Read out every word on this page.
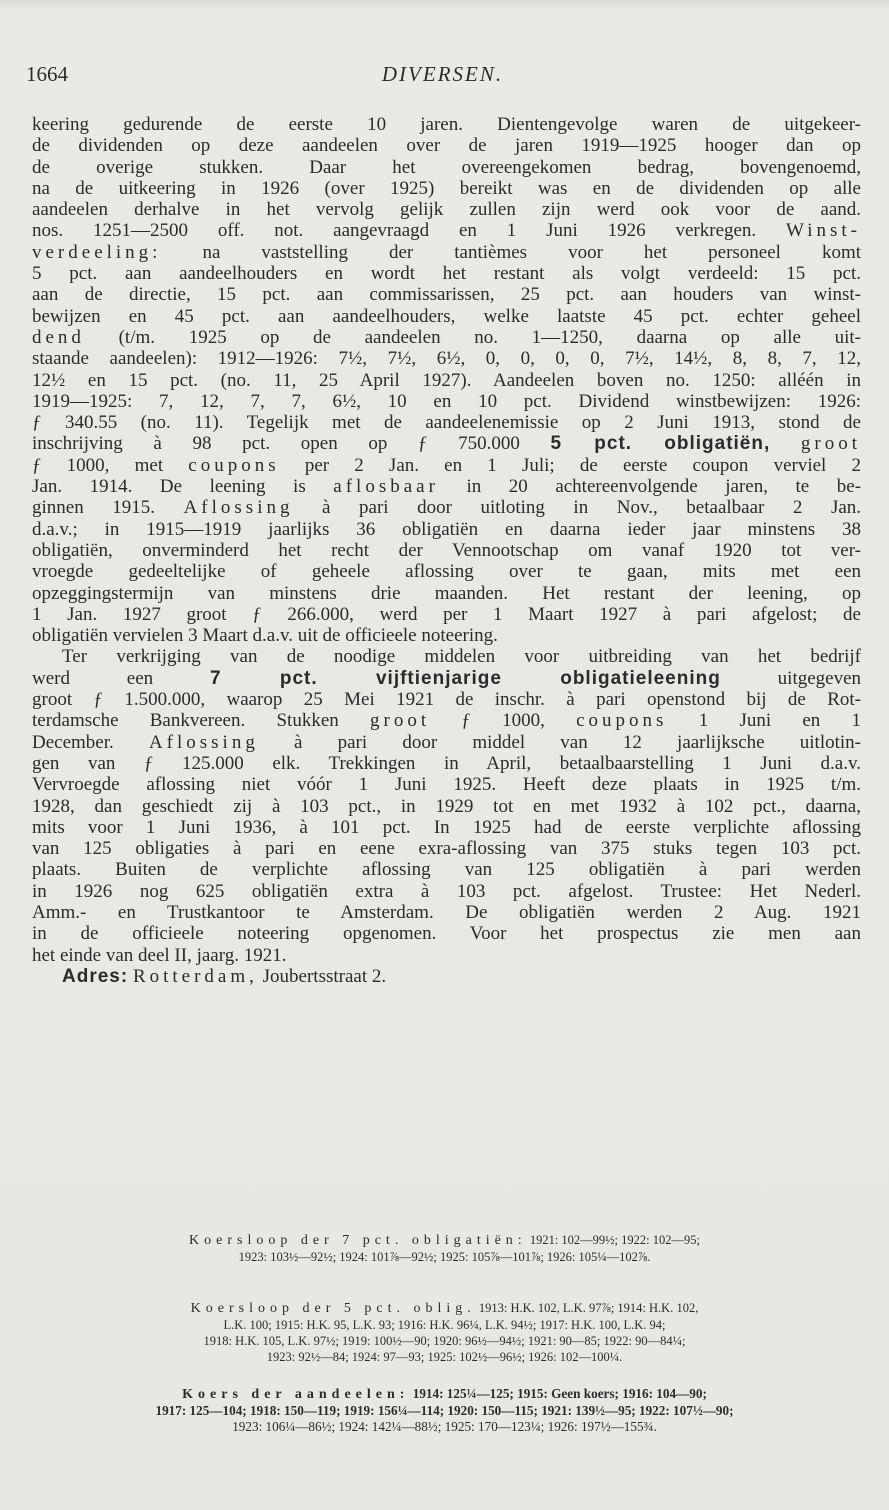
1664	DIVERSEN.
keering gedurende de eerste 10 jaren. Dientengevolge waren de uitgekeer-
de dividenden op deze aandeelen over de jaren 1919—1925 hooger dan op
de overige stukken. Daar het overeengekomen bedrag, bovengenoemd,
na de uitkeering in 1926 (over 1925) bereikt was en de dividenden op alle
aandeelen derhalve in het vervolg gelijk zullen zijn werd ook voor de aand.
nos. 1251—2500 off. not. aangevraagd en 1 Juni 1926 verkregen. Winst-
verdeeling: na vaststelling der tantièmes voor het personeel komt
5 pct. aan aandeelhouders en wordt het restant als volgt verdeeld: 15 pct.
aan de directie, 15 pct. aan commissarissen, 25 pct. aan houders van winst-
bewijzen en 45 pct. aan aandeelhouders, welke laatste 45 pct. echter geheel
dend (t/m. 1925 op de aandeelen no. 1—1250, daarna op alle uit-
staande aandeelen): 1912—1926: 7½, 7½, 6½, 0, 0, 0, 0, 7½, 14½, 8, 8, 7, 12,
12½ en 15 pct. (no. 11, 25 April 1927). Aandeelen boven no. 1250: alléén in
1919—1925: 7, 12, 7, 7, 6½, 10 en 10 pct. Dividend winstbewijzen: 1926:
ƒ 340.55 (no. 11). Tegelijk met de aandeelenemissie op 2 Juni 1913, stond de
inschrijving à 98 pct. open op ƒ 750.000 5 pct. obligatiën, groot
ƒ 1000, met coupons per 2 Jan. en 1 Juli; de eerste coupon verviel 2
Jan. 1914. De leening is aflosbaar in 20 achtereenvolgende jaren, te be-
ginnen 1915. Aflossing à pari door uitloting in Nov., betaalbaar 2 Jan.
d.a.v.; in 1915—1919 jaarlijks 36 obligatiën en daarna ieder jaar minstens 38
obligatiën, onverminderd het recht der Vennootschap om vanaf 1920 tot ver-
vroegde gedeeltelijke of geheele aflossing over te gaan, mits met een
opzeggingstermijn van minstens drie maanden. Het restant der leening, op
1 Jan. 1927 groot ƒ 266.000, werd per 1 Maart 1927 à pari afgelost; de
obligatiën vervielen 3 Maart d.a.v. uit de officieele noteering.
Ter verkrijging van de noodige middelen voor uitbreiding van het bedrijf
werd een	7 pct. vijftienjarige obligatieleening	uitgegeven
groot ƒ 1.500.000, waarop 25 Mei 1921 de inschr. à pari openstond bij de Rot-
terdamsche Bankvereen. Stukken groot ƒ 1000, coupons 1 Juni en 1
December. Aflossing à pari door middel van 12 jaarlijksche uitlotin-
gen van ƒ 125.000 elk. Trekkingen in April, betaalbaarstelling 1 Juni d.a.v.
Vervroegde aflossing niet vóór 1 Juni 1925. Heeft deze plaats in 1925 t/m.
1928, dan geschiedt zij à 103 pct., in 1929 tot en met 1932 à 102 pct., daarna,
mits voor 1 Juni 1936, à 101 pct. In 1925 had de eerste verplichte aflossing
van 125 obligaties à pari en eene exra-aflossing van 375 stuks tegen 103 pct.
plaats. Buiten de verplichte aflossing van 125 obligatiën à pari werden
in 1926 nog 625 obligatiën extra à 103 pct. afgelost. Trustee: Het Nederl.
Amm.- en Trustkantoor te Amsterdam. De obligatiën werden 2 Aug. 1921
in de officieele noteering opgenomen. Voor het prospectus zie men aan
het einde van deel II, jaarg. 1921.
Adres: Rotterdam, Joubertsstraat 2.
Koersloop der 7 pct. obligatiën: 1921: 102—99½; 1922: 102—95;
1923: 103½—92½; 1924: 101⅞—92½; 1925: 105⅞—101⅞; 1926: 105¼—102⅞.
Koersloop der 5 pct. oblig. 1913: H.K. 102, L.K. 97⅞; 1914: H.K. 102,
L.K. 100; 1915: H.K. 95, L.K. 93; 1916: H.K. 96¼, L.K. 94½; 1917: H.K. 100, L.K. 94;
1918: H.K. 105, L.K. 97½; 1919: 100½—90; 1920: 96½—94½; 1921: 90—85; 1922: 90—84¼;
1923: 92½—84; 1924: 97—93; 1925: 102½—96½; 1926: 102—100¼.
Koers der aandeelen: 1914: 125¼—125; 1915: Geen koers; 1916: 104—90;
1917: 125—104; 1918: 150—119; 1919: 156¼—114; 1920: 150—115; 1921: 139½—95; 1922: 107½—90;
1923: 106¼—86½; 1924: 142¼—88½; 1925: 170—123¼; 1926: 197½—155¾.
